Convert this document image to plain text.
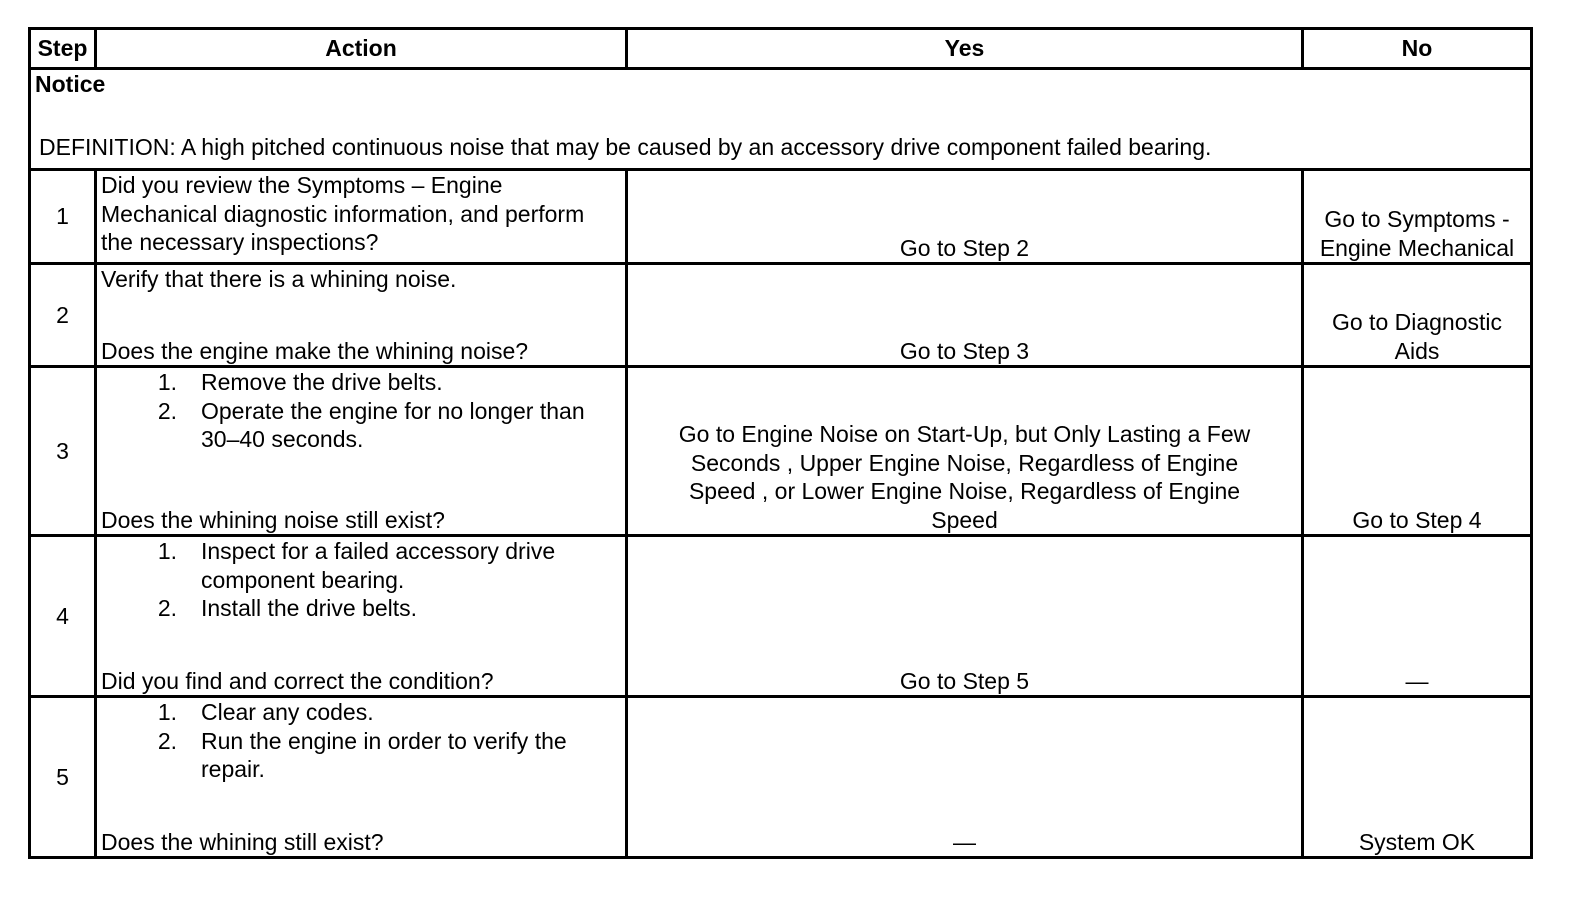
Step	Action	Yes	No

Notice
DEFINITION: A high pitched continuous noise that may be caused by an accessory drive component failed bearing.			

1	Did you review the Symptoms – Engine Mechanical diagnostic information, and perform the necessary inspections?	Go to Step 2	Go to Symptoms - Engine Mechanical
2	Verify that there is a whining noise.
Does the engine make the whining noise?	Go to Step 3	Go to Diagnostic Aids
3	1. Remove the drive belts.
2. Operate the engine for no longer than 30–40 seconds.
Does the whining noise still exist?	Go to Engine Noise on Start-Up, but Only Lasting a Few Seconds , Upper Engine Noise, Regardless of Engine Speed , or Lower Engine Noise, Regardless of Engine Speed	Go to Step 4
4	1. Inspect for a failed accessory drive component bearing.
2. Install the drive belts.
Did you find and correct the condition?	Go to Step 5	—
5	1. Clear any codes.
2. Run the engine in order to verify the repair.
Does the whining still exist?	—	System OK
